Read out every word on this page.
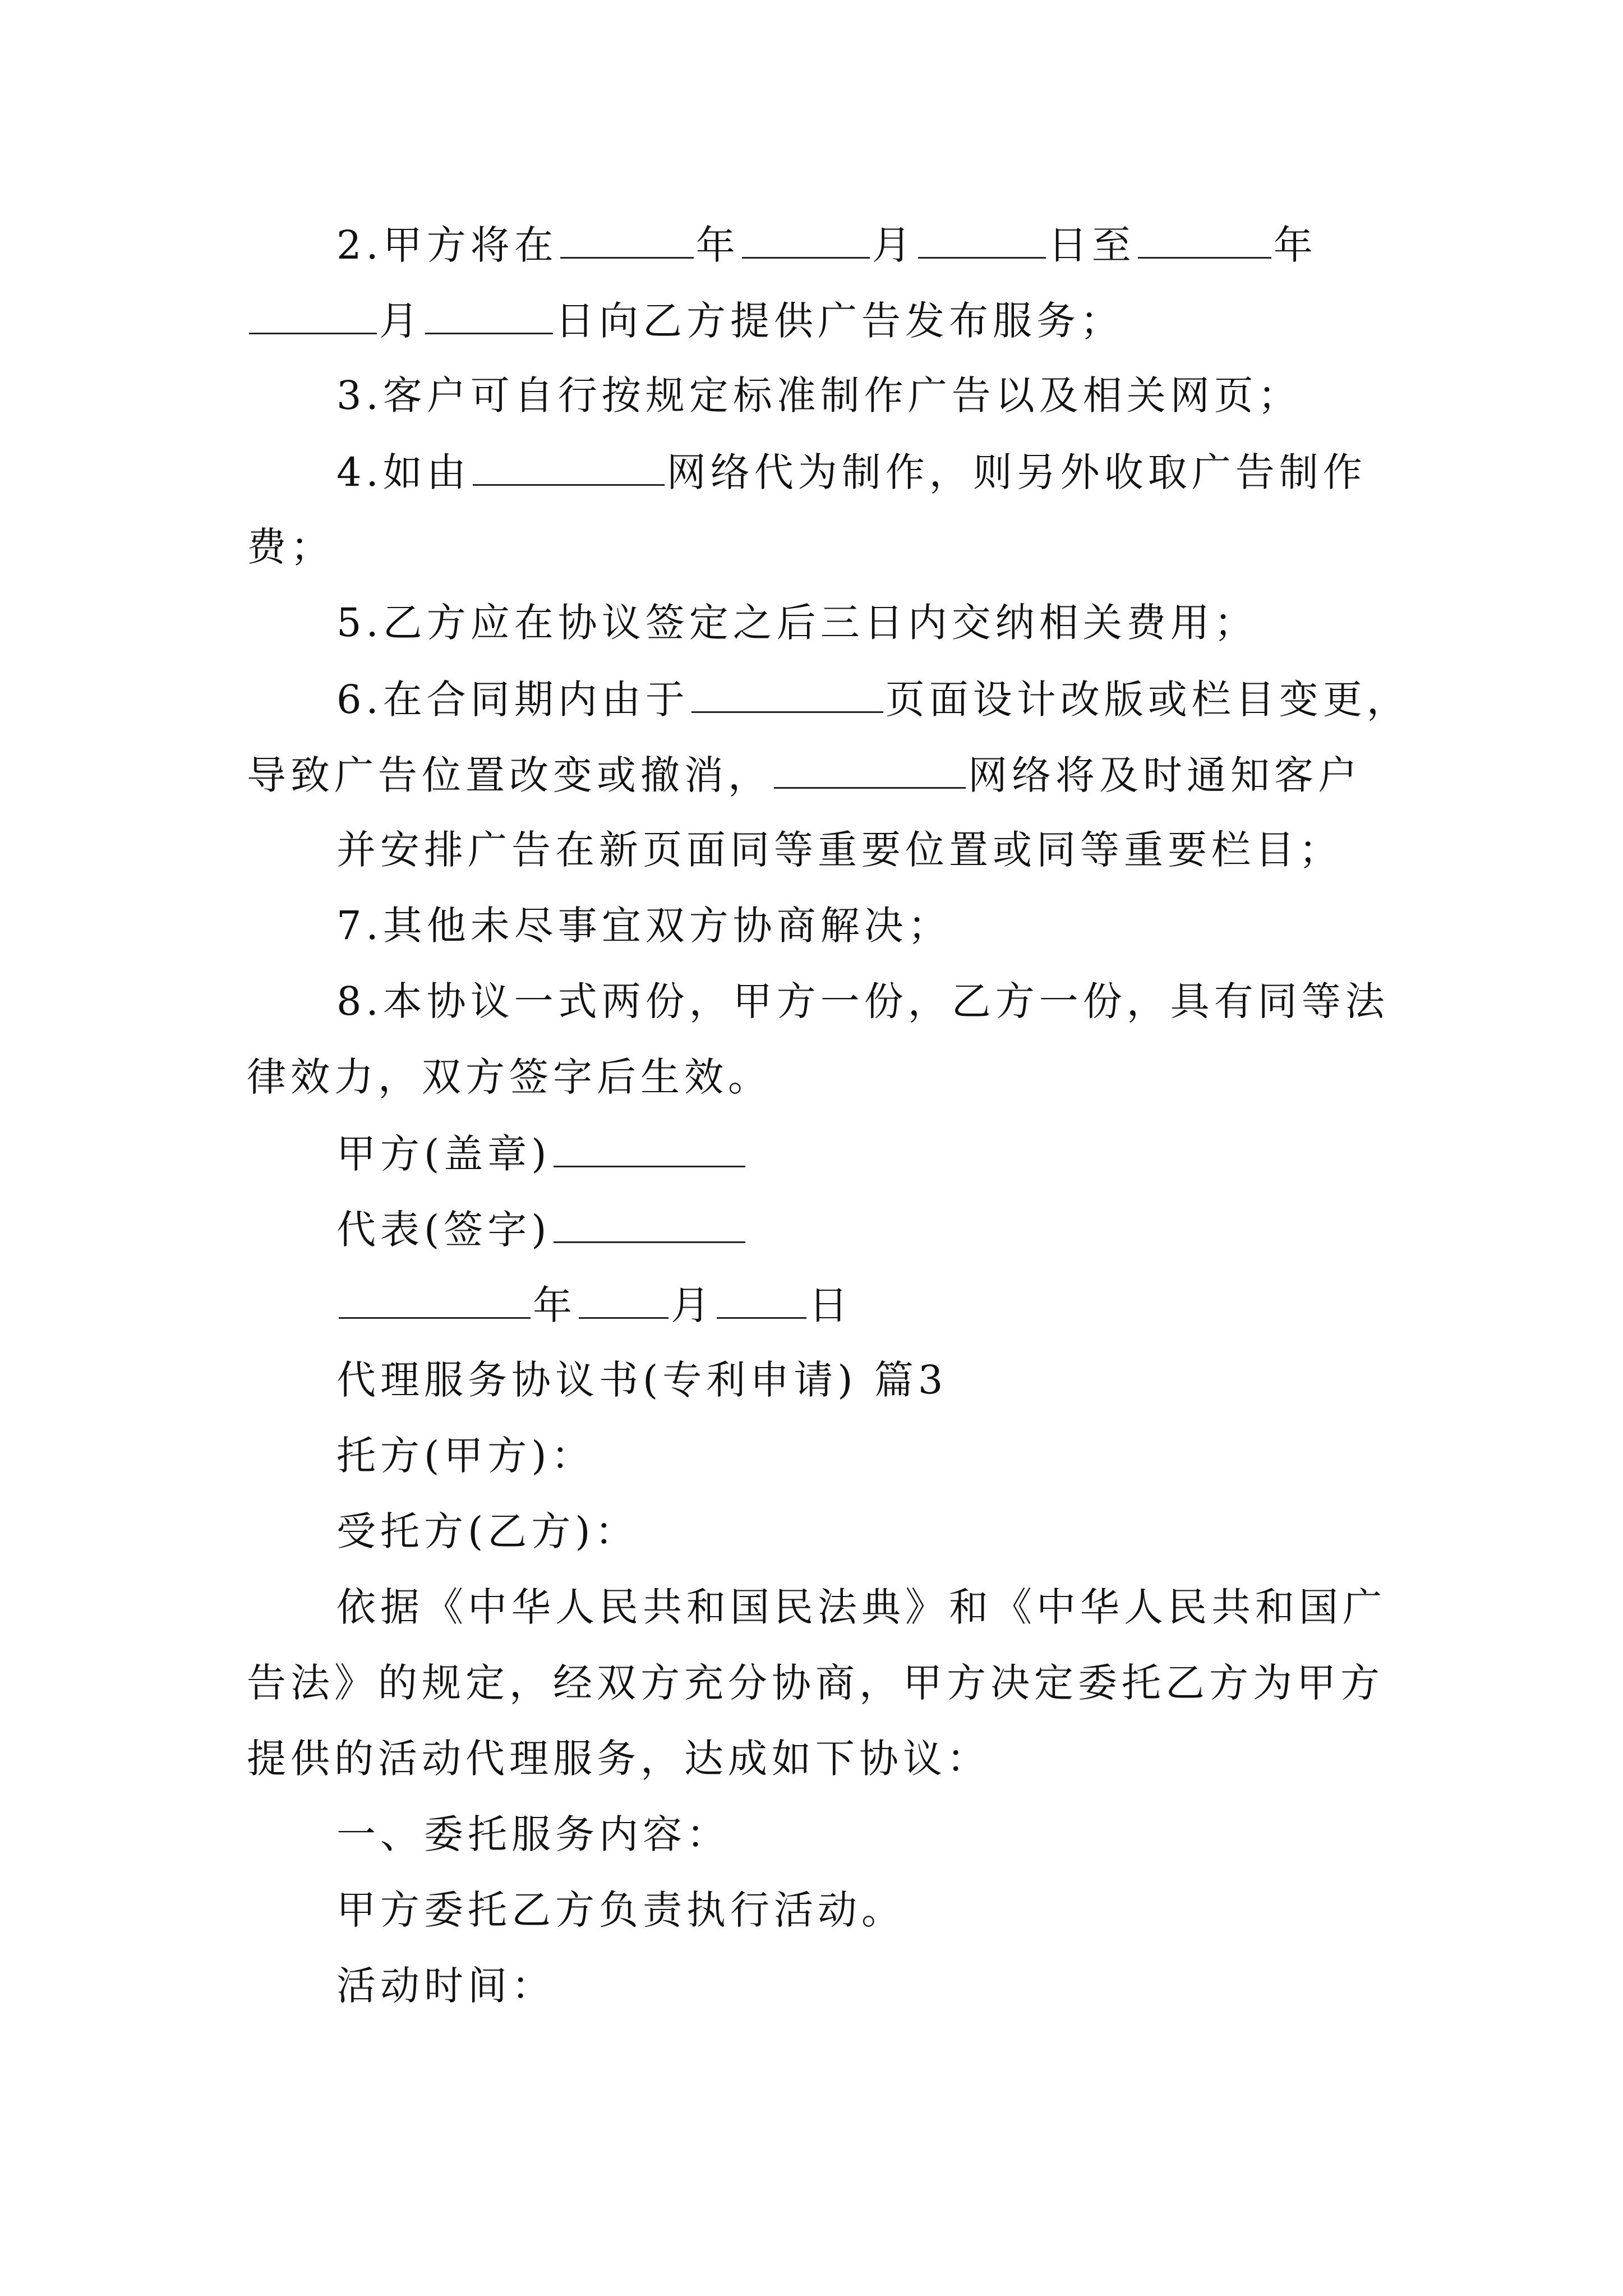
2.甲方将在	年	月	日至	年
月	日向乙方提供广告发布服务；
3.客户可自行按规定标准制作广告以及相关网页；
4.如由	网络代为制作，则另外收取广告制作
费；
5.乙方应在协议签定之后三日内交纳相关费用；
6.在合同期内由于	页面设计改版或栏目变更，
导致广告位置改变或撤消，	网络将及时通知客户
并安排广告在新页面同等重要位置或同等重要栏目；
7.其他未尽事宜双方协商解决；
8.本协议一式两份，甲方一份，乙方一份，具有同等法
律效力，双方签字后生效。
甲方(盖章)
代表(签字)
年 月 日
代理服务协议书(专利申请) 篇3
托方(甲方)：
受托方(乙方)：
依据《中华人民共和国民法典》和《中华人民共和国广
告法》的规定，经双方充分协商，甲方决定委托乙方为甲方
提供的活动代理服务，达成如下协议：
一、委托服务内容：
甲方委托乙方负责执行活动。
活动时间：
